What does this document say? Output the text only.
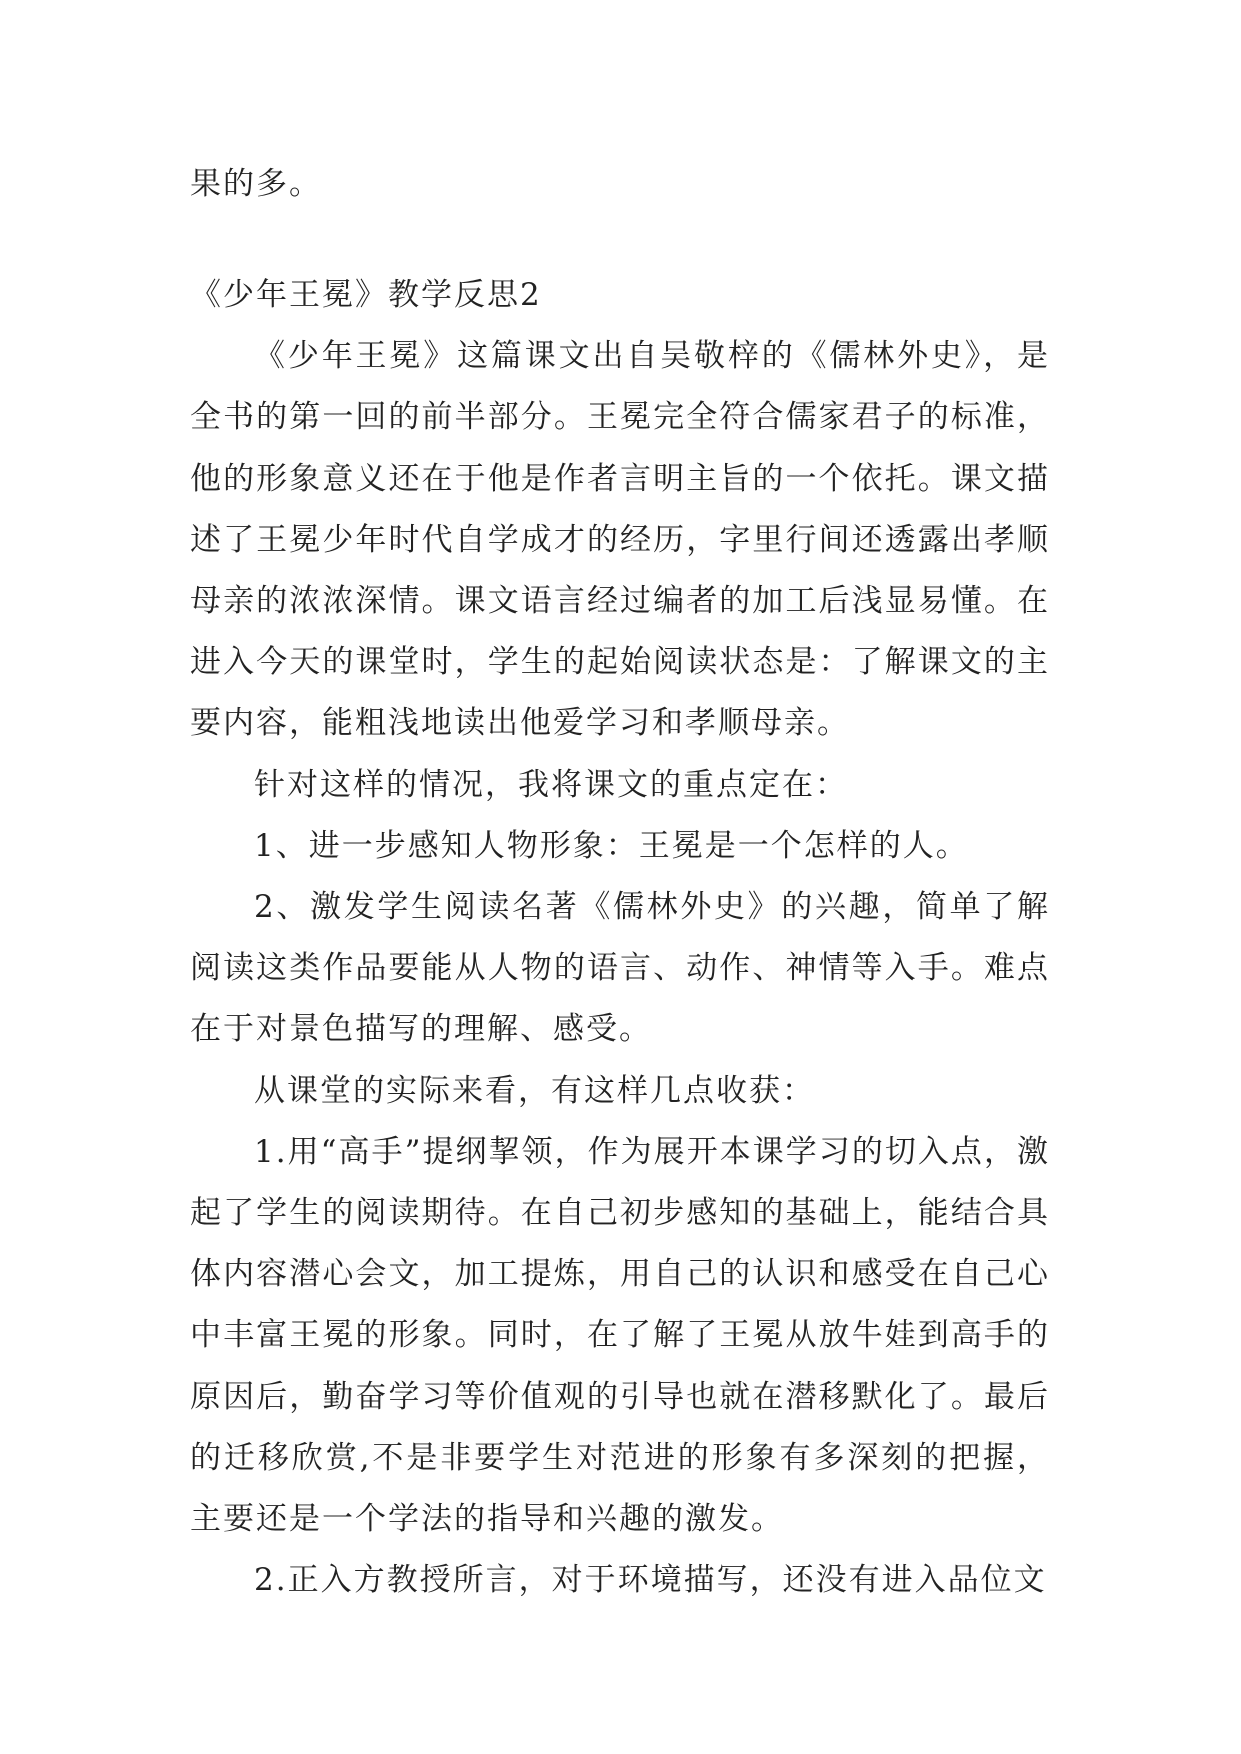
果的多。

《少年王冕》教学反思2

《少年王冕》这篇课文出自吴敬梓的《儒林外史》，是全书的第一回的前半部分。王冕完全符合儒家君子的标准，他的形象意义还在于他是作者言明主旨的一个依托。课文描述了王冕少年时代自学成才的经历，字里行间还透露出孝顺母亲的浓浓深情。课文语言经过编者的加工后浅显易懂。在进入今天的课堂时，学生的起始阅读状态是：了解课文的主要内容，能粗浅地读出他爱学习和孝顺母亲。

针对这样的情况，我将课文的重点定在：

1、进一步感知人物形象：王冕是一个怎样的人。

2、激发学生阅读名著《儒林外史》的兴趣，简单了解阅读这类作品要能从人物的语言、动作、神情等入手。难点在于对景色描写的理解、感受。

从课堂的实际来看，有这样几点收获：

1.用“高手”提纲挈领，作为展开本课学习的切入点，激起了学生的阅读期待。在自己初步感知的基础上，能结合具体内容潜心会文，加工提炼，用自己的认识和感受在自己心中丰富王冕的形象。同时，在了解了王冕从放牛娃到高手的原因后，勤奋学习等价值观的引导也就在潜移默化了。最后的迁移欣赏,不是非要学生对范进的形象有多深刻的把握，主要还是一个学法的指导和兴趣的激发。

2.正入方教授所言，对于环境描写，还没有进入品位文
